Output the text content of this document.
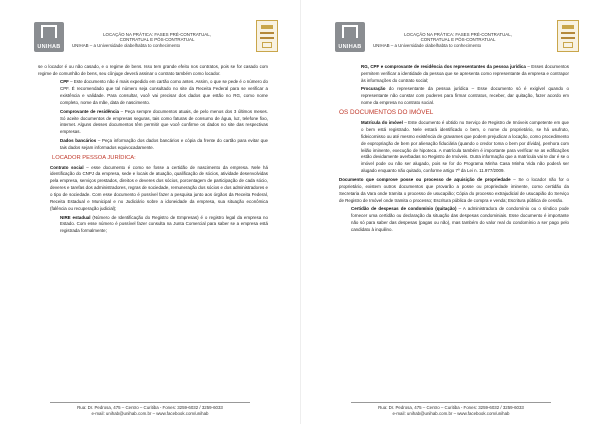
UNIHAB
LOCAÇÃO NA PRÁTICA: FASES PRÉ-CONTRATUAL,
CONTRATUAL E PÓS-CONTRATUAL
UNIHAB – a Universidade olabelhabta to conhecimento

se o locador é ou não casado, e o regime de bens. Isso tem grande efeito nos contratos, pois se for casado com regime de comunhão de bens, seu cônjuge deverá assinar o contrato também como locador.

CPF – Este documento não é mais expedido em cartão como antes. Assim, o que se pede é o número do CPF. É recomendado que tal número seja consultado no site da Receita Federal para se verificar a existência e validade. Para consultar, você vai precisar dos dados que estão no RG, como nome completo, nome da mãe, data de nascimento.

Comprovante de residência – Peça sempre documentos atuais, de pelo menos dos 3 últimos meses. Só aceite documentos de empresas seguras, tais como faturas de consumo de água, luz, telefone fixo, internet. Alguns desses documentos têm permitir que você confirme os dados no site das respectivas empresas.

Dados bancários – Peça informação dos dados bancários e cópia da frente do cartão para evitar que tais dados sejam informados equivocadamente.

LOCADOR PESSOA JURÍDICA:

Contrato social – esse documento é como se fosse a certidão de nascimento da empresa. Nele há identificação do CNPJ da empresa, sede e locais de atuação, qualificação de sócios, atividade desenvolvidas pela empresa, serviços prestados, direitos e deveres dos sócios, porcentagem de participação de cada sócio, deveres e tarefas dos administradores, regras de sociedade, remuneração dos sócios e dos administradores e o tipo de sociedade. Com esse documento é possível fazer a pesquisa junto aos órgãos da Receita Federal, Receita Estadual e Municipal e no Judiciário sobre a idoneidade da empresa, sua situação econômica (falência ou recuperação judicial);

NIRE estadual (Número de Identificação do Registro de Empresas) é o registro legal da empresa no Estado. Com esse número é possível fazer consulta na Junta Comercial para saber se a empresa está registrada formalmente;

Rua: Dr. Pedrosa, 475 – Centro – Curitiba - Fones: 3259-6032 / 3259-6033
e-mail: unihab@unihab.com.br – www.facebook.com/unihab
UNIHAB
LOCAÇÃO NA PRÁTICA: FASES PRÉ-CONTRATUAL,
CONTRATUAL E PÓS-CONTRATUAL
UNIHAB – a Universidade olabelhabta to conhecimento

RG, CPF e comprovante de residência dos representantes da pessoa jurídica – Esses documentos permitem verificar a identidade da pessoa que se apresenta como representante da empresa e contrapor às informações do contrato social;

Procuração do representante da pessoa jurídica – Esse documento só é exigível quando o representante não constar com poderes para firmar contratos, receber, dar quitação, fazer acordo em nome da empresa no contrato social.

OS DOCUMENTOS DO IMÓVEL

Matrícula do imóvel – Este documento é obtido no Serviço de Registro de Imóveis competente em que o bem está registrado. Nele estará identificado o bem, o nome do proprietário, se há usufruto, fideicomisso ou até mesmo existência de gravames que podem prejudicar a locação, como procedimento de expropriação de bem por alienação fiduciária (quando o credor toma o bem por dívida), penhora com leilão iminente, execução de hipoteca. A matrícula também é importante para verificar se as edificações estão devidamente averbadas no Registro de Imóveis. Outra informação que a matrícula vai te dar é se o imóvel pode ou não ser alugado, pois se for do Programa Minha Casa Minha Vida não poderá ser alugado enquanto não quitado, conforme artigo 7º da Lei n. 11.977/2009.

Documento que comprove posse ou processo de aquisição de propriedade – Se o locador não for o proprietário, existem outros documentos que provarão a posse ou propriedade iminente, como certidão da Secretaria da Vara onde tramita o processo de usucapião; Cópia do processo extrajudicial de usucapião do Serviço de Registro de Imóvel onde tramita o processo; Escritura pública de compra e venda; Escritura pública de cessão.

Certidão de despesas de condomínio (quitação) – A administradora de condomínio ou o síndico pode fornecer uma certidão ou declaração da situação das despesas condominiais. Esse documento é importante não só para saber das despesas (pagas ou não), mas também do valor real do condomínio a ser pago pelo candidato à inquilino.

Rua: Dr. Pedrosa, 475 – Centro – Curitiba - Fones: 3259-6032 / 3259-6033
e-mail: unihab@unihab.com.br – www.facebook.com/unihab
